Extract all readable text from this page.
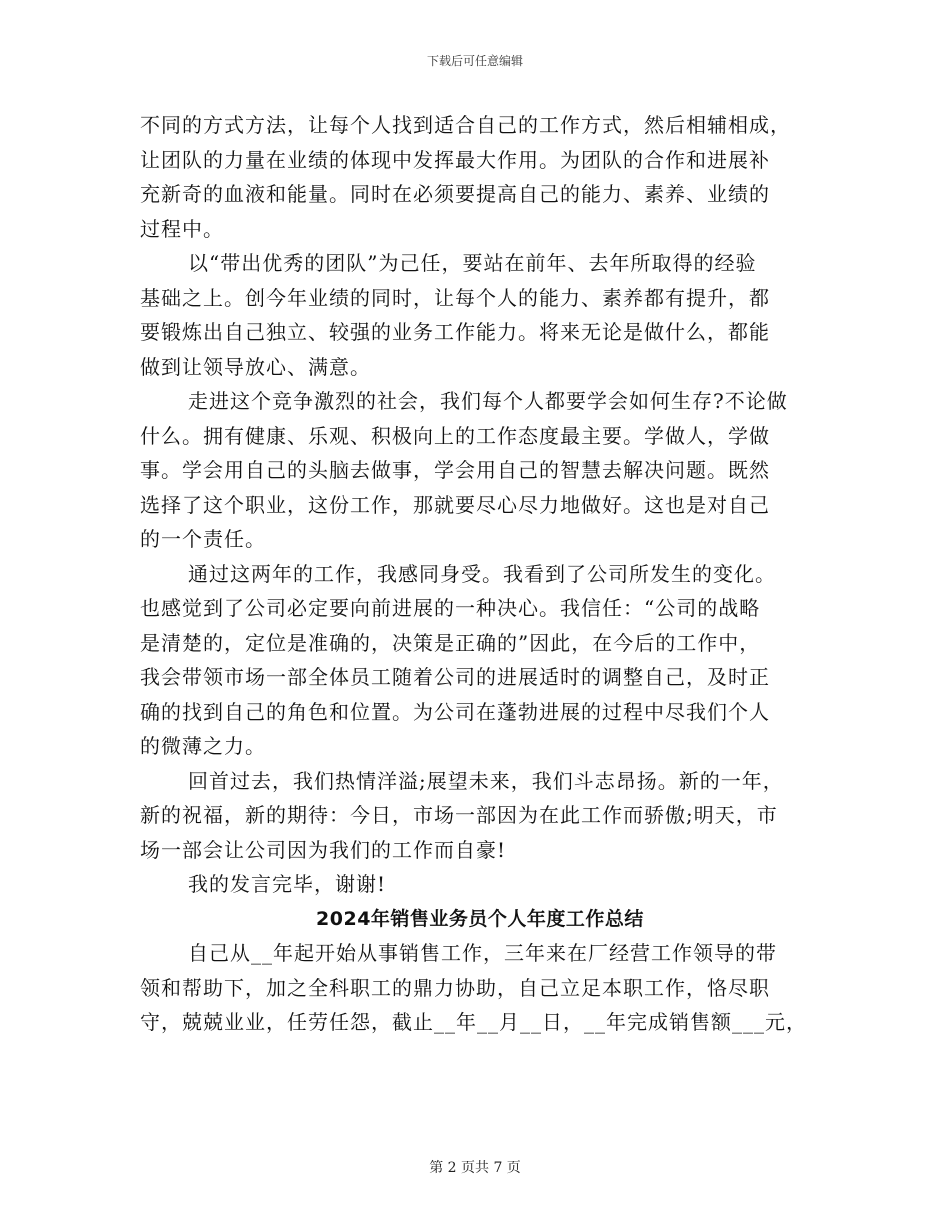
下载后可任意编辑
不同的方式方法，让每个人找到适合自己的工作方式，然后相辅相成，
让团队的力量在业绩的体现中发挥最大作用。为团队的合作和进展补
充新奇的血液和能量。同时在必须要提高自己的能力、素养、业绩的
过程中。
以“带出优秀的团队”为己任，要站在前年、去年所取得的经验
基础之上。创今年业绩的同时，让每个人的能力、素养都有提升，都
要锻炼出自己独立、较强的业务工作能力。将来无论是做什么，都能
做到让领导放心、满意。
走进这个竞争激烈的社会，我们每个人都要学会如何生存?不论做
什么。拥有健康、乐观、积极向上的工作态度最主要。学做人，学做
事。学会用自己的头脑去做事，学会用自己的智慧去解决问题。既然
选择了这个职业，这份工作，那就要尽心尽力地做好。这也是对自己
的一个责任。
通过这两年的工作，我感同身受。我看到了公司所发生的变化。
也感觉到了公司必定要向前进展的一种决心。我信任：“公司的战略
是清楚的，定位是准确的，决策是正确的”因此，在今后的工作中，
我会带领市场一部全体员工随着公司的进展适时的调整自己，及时正
确的找到自己的角色和位置。为公司在蓬勃进展的过程中尽我们个人
的微薄之力。
回首过去，我们热情洋溢;展望未来，我们斗志昂扬。新的一年，
新的祝福，新的期待：今日，市场一部因为在此工作而骄傲;明天，市
场一部会让公司因为我们的工作而自豪!
我的发言完毕，谢谢!
2024年销售业务员个人年度工作总结
自己从__年起开始从事销售工作，三年来在厂经营工作领导的带
领和帮助下，加之全科职工的鼎力协助，自己立足本职工作，恪尽职
守，兢兢业业，任劳任怨，截止__年__月__日，__年完成销售额___元，
第 2 页共 7 页
